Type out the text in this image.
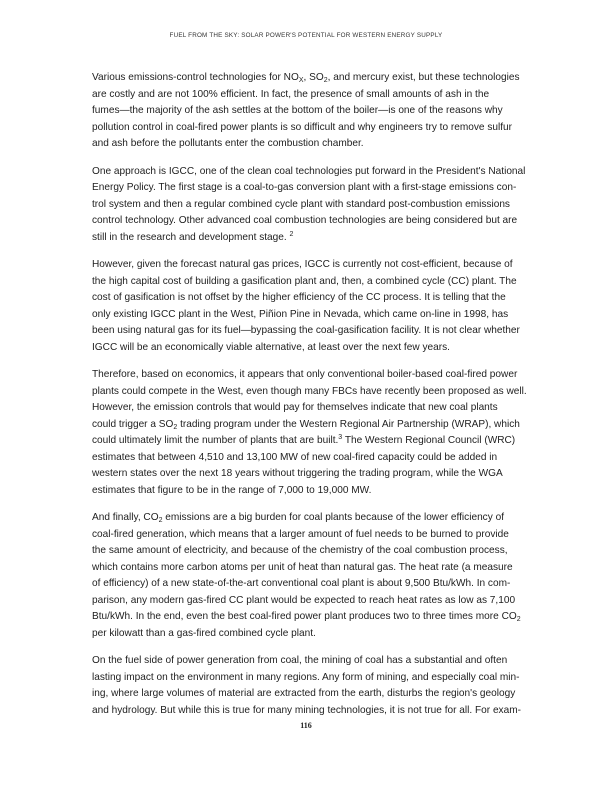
FUEL FROM THE SKY: SOLAR POWER'S POTENTIAL FOR WESTERN ENERGY SUPPLY

Various emissions-control technologies for $NO_X$, $SO_2$, and mercury exist, but these technologies
are costly and are not 100% efficient. In fact, the presence of small amounts of ash in the
fumes—the majority of the ash settles at the bottom of the boiler—is one of the reasons why
pollution control in coal-fired power plants is so difficult and why engineers try to remove sulfur
and ash before the pollutants enter the combustion chamber.

One approach is IGCC, one of the clean coal technologies put forward in the President's National
Energy Policy. The first stage is a coal-to-gas conversion plant with a first-stage emissions con-
trol system and then a regular combined cycle plant with standard post-combustion emissions
control technology. Other advanced coal combustion technologies are being considered but are
still in the research and development stage. $^2$

However, given the forecast natural gas prices, IGCC is currently not cost-efficient, because of
the high capital cost of building a gasification plant and, then, a combined cycle (CC) plant. The
cost of gasification is not offset by the higher efficiency of the CC process. It is telling that the
only existing IGCC plant in the West, Piñion Pine in Nevada, which came on-line in 1998, has
been using natural gas for its fuel—bypassing the coal-gasification facility. It is not clear whether
IGCC will be an economically viable alternative, at least over the next few years.

Therefore, based on economics, it appears that only conventional boiler-based coal-fired power
plants could compete in the West, even though many FBCs have recently been proposed as well.
However, the emission controls that would pay for themselves indicate that new coal plants
could trigger a $SO_2$ trading program under the Western Regional Air Partnership (WRAP), which
could ultimately limit the number of plants that are built.$^3$ The Western Regional Council (WRC)
estimates that between 4,510 and 13,100 MW of new coal-fired capacity could be added in
western states over the next 18 years without triggering the trading program, while the WGA
estimates that figure to be in the range of 7,000 to 19,000 MW.

And finally, $CO_2$ emissions are a big burden for coal plants because of the lower efficiency of
coal-fired generation, which means that a larger amount of fuel needs to be burned to provide
the same amount of electricity, and because of the chemistry of the coal combustion process,
which contains more carbon atoms per unit of heat than natural gas. The heat rate (a measure
of efficiency) of a new state-of-the-art conventional coal plant is about 9,500 Btu/kWh. In com-
parison, any modern gas-fired CC plant would be expected to reach heat rates as low as 7,100
Btu/kWh. In the end, even the best coal-fired power plant produces two to three times more $CO_2$
per kilowatt than a gas-fired combined cycle plant.

On the fuel side of power generation from coal, the mining of coal has a substantial and often
lasting impact on the environment in many regions. Any form of mining, and especially coal min-
ing, where large volumes of material are extracted from the earth, disturbs the region's geology
and hydrology. But while this is true for many mining technologies, it is not true for all. For exam-

116
